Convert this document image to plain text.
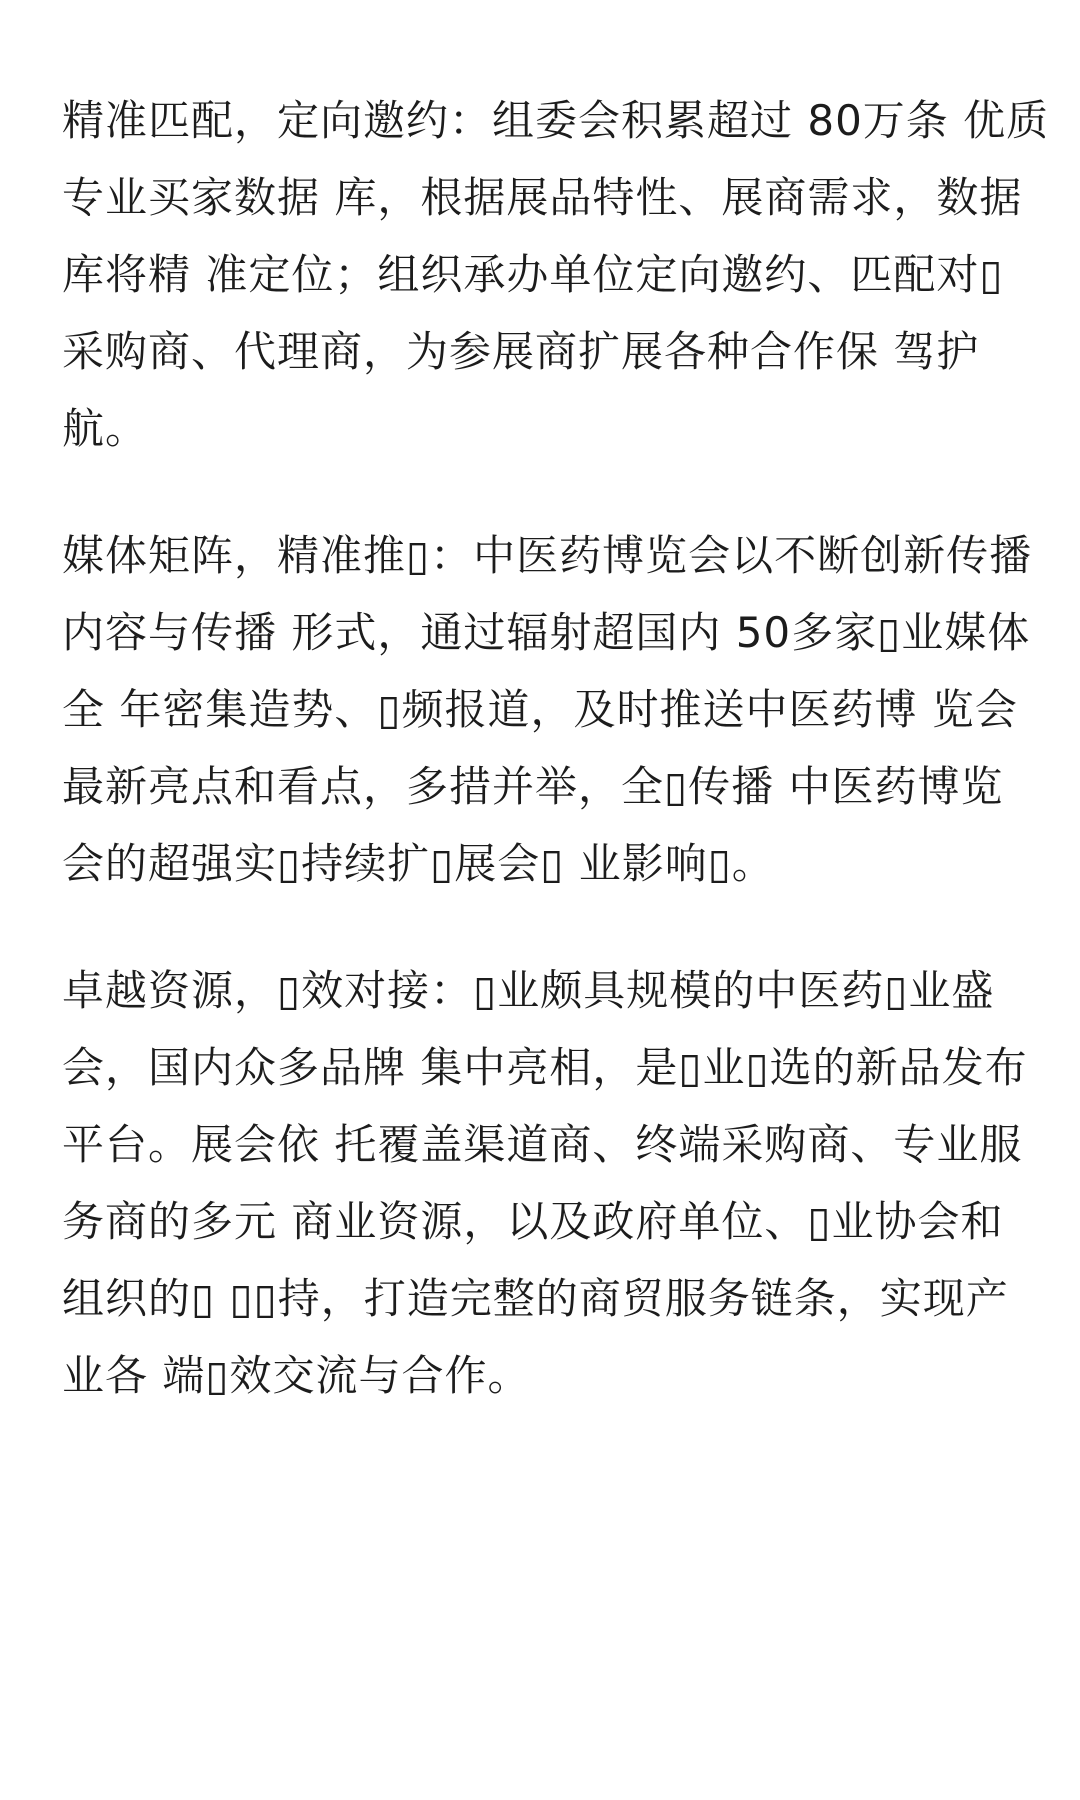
精准匹配，定向邀约：组委会积累超过 80万条 优质
专业买家数据 库，根据展品特性、展商需求，数据
库将精 准定位；组织承办单位定向邀约、匹配对▯
采购商、代理商，为参展商扩展各种合作保 驾护
航。

媒体矩阵，精准推▯：中医药博览会以不断创新传播
内容与传播 形式，通过辐射超国内 50多家▯业媒体
全 年密集造势、▯频报道，及时推送中医药博 览会
最新亮点和看点，多措并举，全▯传播 中医药博览
会的超强实▯持续扩▯展会▯ 业影响▯。

卓越资源，▯效对接：▯业颇具规模的中医药▯业盛
会，国内众多品牌 集中亮相，是▯业▯选的新品发布
平台。展会依 托覆盖渠道商、终端采购商、专业服
务商的多元 商业资源，以及政府单位、▯业协会和
组织的▯ ▯▯持，打造完整的商贸服务链条，实现产
业各 端▯效交流与合作。
